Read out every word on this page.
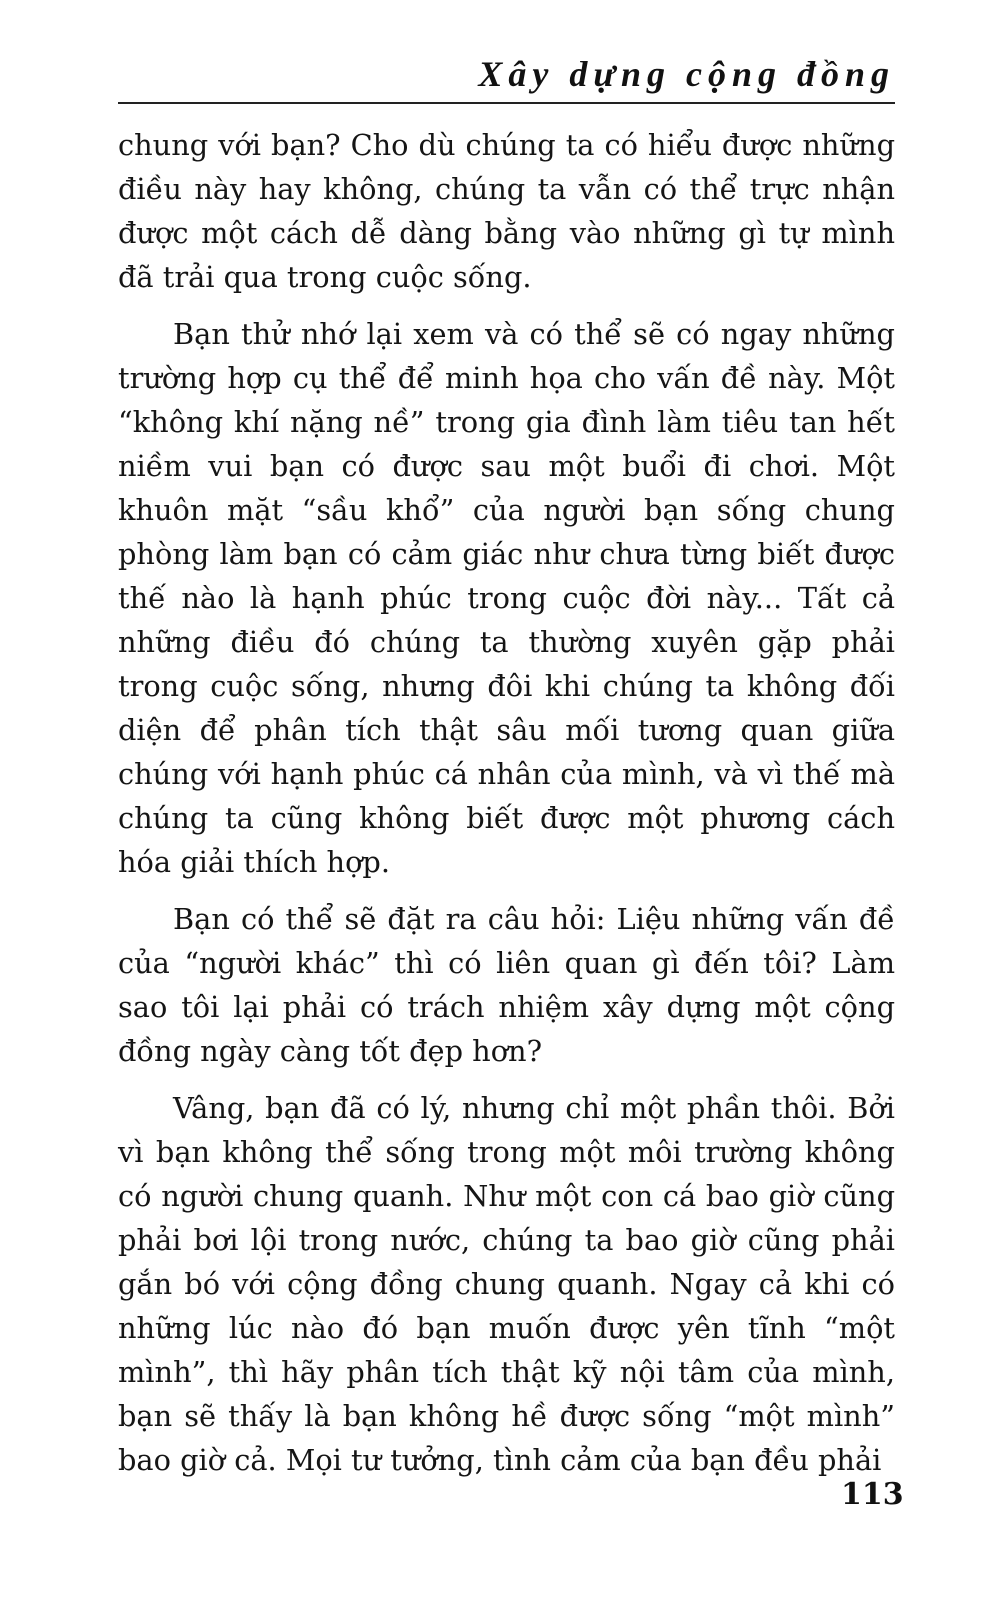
Xây dựng cộng đồng

chung với bạn? Cho dù chúng ta có hiểu được những điều này hay không, chúng ta vẫn có thể trực nhận được một cách dễ dàng bằng vào những gì tự mình đã trải qua trong cuộc sống.

Bạn thử nhớ lại xem và có thể sẽ có ngay những trường hợp cụ thể để minh họa cho vấn đề này. Một “không khí nặng nề” trong gia đình làm tiêu tan hết niềm vui bạn có được sau một buổi đi chơi. Một khuôn mặt “sầu khổ” của người bạn sống chung phòng làm bạn có cảm giác như chưa từng biết được thế nào là hạnh phúc trong cuộc đời này... Tất cả những điều đó chúng ta thường xuyên gặp phải trong cuộc sống, nhưng đôi khi chúng ta không đối diện để phân tích thật sâu mối tương quan giữa chúng với hạnh phúc cá nhân của mình, và vì thế mà chúng ta cũng không biết được một phương cách hóa giải thích hợp.

Bạn có thể sẽ đặt ra câu hỏi: Liệu những vấn đề của “người khác” thì có liên quan gì đến tôi? Làm sao tôi lại phải có trách nhiệm xây dựng một cộng đồng ngày càng tốt đẹp hơn?

Vâng, bạn đã có lý, nhưng chỉ một phần thôi. Bởi vì bạn không thể sống trong một môi trường không có người chung quanh. Như một con cá bao giờ cũng phải bơi lội trong nước, chúng ta bao giờ cũng phải gắn bó với cộng đồng chung quanh. Ngay cả khi có những lúc nào đó bạn muốn được yên tĩnh “một mình”, thì hãy phân tích thật kỹ nội tâm của mình, bạn sẽ thấy là bạn không hề được sống “một mình” bao giờ cả. Mọi tư tưởng, tình cảm của bạn đều phải

113
